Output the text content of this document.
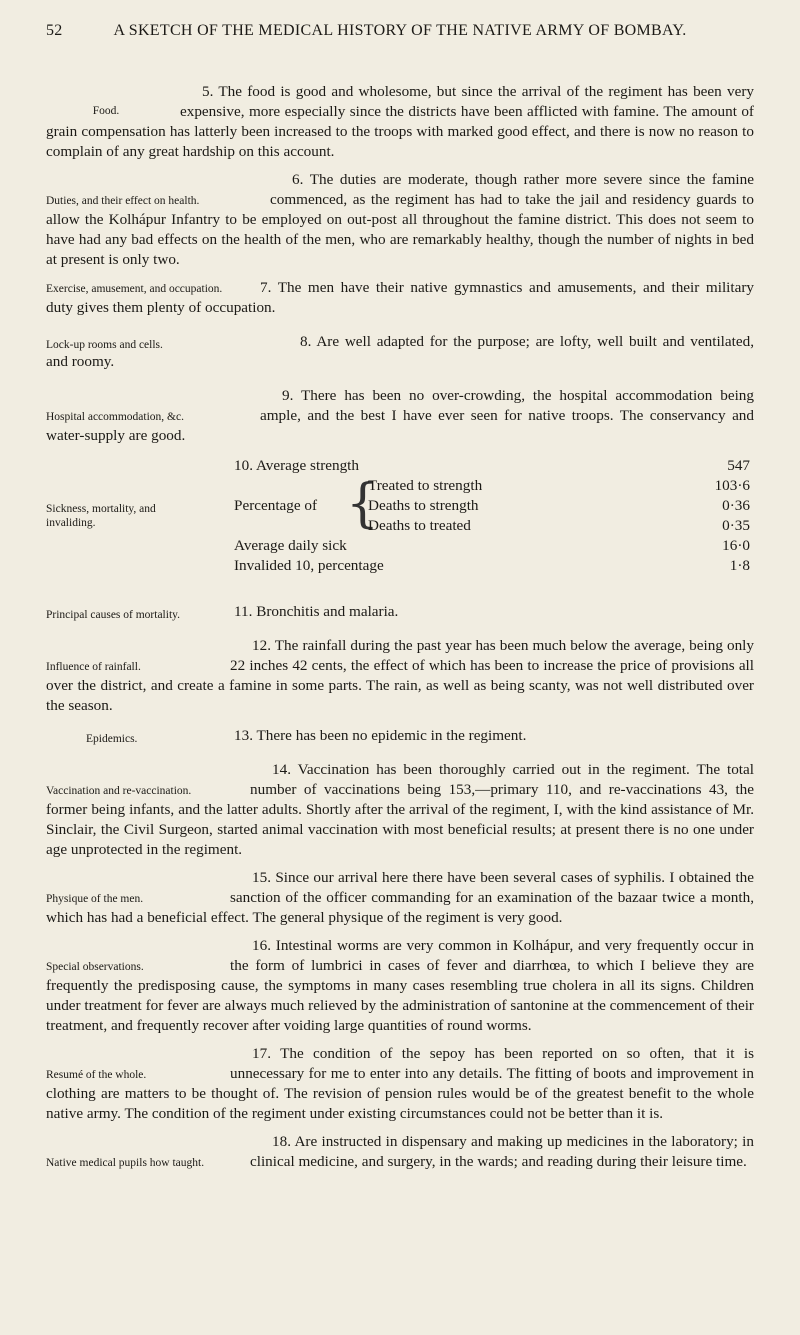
52	A SKETCH OF THE MEDICAL HISTORY OF THE NATIVE ARMY OF BOMBAY.
Food.
5. The food is good and wholesome, but since the arrival of the regiment has been very expensive, more especially since the districts have been afflicted with famine. The amount of grain compensation has latterly been increased to the troops with marked good effect, and there is now no reason to complain of any great hardship on this account.
Duties, and their effect on health.
6. The duties are moderate, though rather more severe since the famine commenced, as the regiment has had to take the jail and residency guards to allow the Kolhápur Infantry to be employed on out-post all throughout the famine district. This does not seem to have had any bad effects on the health of the men, who are remarkably healthy, though the number of nights in bed at present is only two.
Exercise, amusement, and occupation.	7. The men have their native gymnastics and amusements, and their military duty gives them plenty of occupation.
Lock-up rooms and cells.	8. Are well adapted for the purpose; are lofty, well built and ventilated, and roomy.
Hospital accommodation, &c.
9. There has been no over-crowding, the hospital accommodation being ample, and the best I have ever seen for native troops. The conservancy and water-supply are good.
Sickness, mortality, and invaliding.
10. Average strength	547
Percentage of {
Treated to strength	103·6
Deaths to strength	0·36
Deaths to treated	0·35
Average daily sick	16·0
Invalided 10, percentage	1·8
Principal causes of mortality.	11. Bronchitis and malaria.
Influence of rainfall.
12. The rainfall during the past year has been much below the average, being only 22 inches 42 cents, the effect of which has been to increase the price of provisions all over the district, and create a famine in some parts. The rain, as well as being scanty, was not well distributed over the season.
Epidemics.	13. There has been no epidemic in the regiment.
Vaccination and re-vaccination.
14. Vaccination has been thoroughly carried out in the regiment. The total number of vaccinations being 153,—primary 110, and re-vaccinations 43, the former being infants, and the latter adults. Shortly after the arrival of the regiment, I, with the kind assistance of Mr. Sinclair, the Civil Surgeon, started animal vaccination with most beneficial results; at present there is no one under age unprotected in the regiment.
Physique of the men.
15. Since our arrival here there have been several cases of syphilis. I obtained the sanction of the officer commanding for an examination of the bazaar twice a month, which has had a beneficial effect. The general physique of the regiment is very good.
Special observations.
16. Intestinal worms are very common in Kolhápur, and very frequently occur in the form of lumbrici in cases of fever and diarrhœa, to which I believe they are frequently the predisposing cause, the symptoms in many cases resembling true cholera in all its signs. Children under treatment for fever are always much relieved by the administration of santonine at the commencement of their treatment, and frequently recover after voiding large quantities of round worms.
Resumé of the whole.
17. The condition of the sepoy has been reported on so often, that it is unnecessary for me to enter into any details. The fitting of boots and improvement in clothing are matters to be thought of. The revision of pension rules would be of the greatest benefit to the whole native army. The condition of the regiment under existing circumstances could not be better than it is.
Native medical pupils how taught.
18. Are instructed in dispensary and making up medicines in the laboratory; in clinical medicine, and surgery, in the wards; and reading during their leisure time.
